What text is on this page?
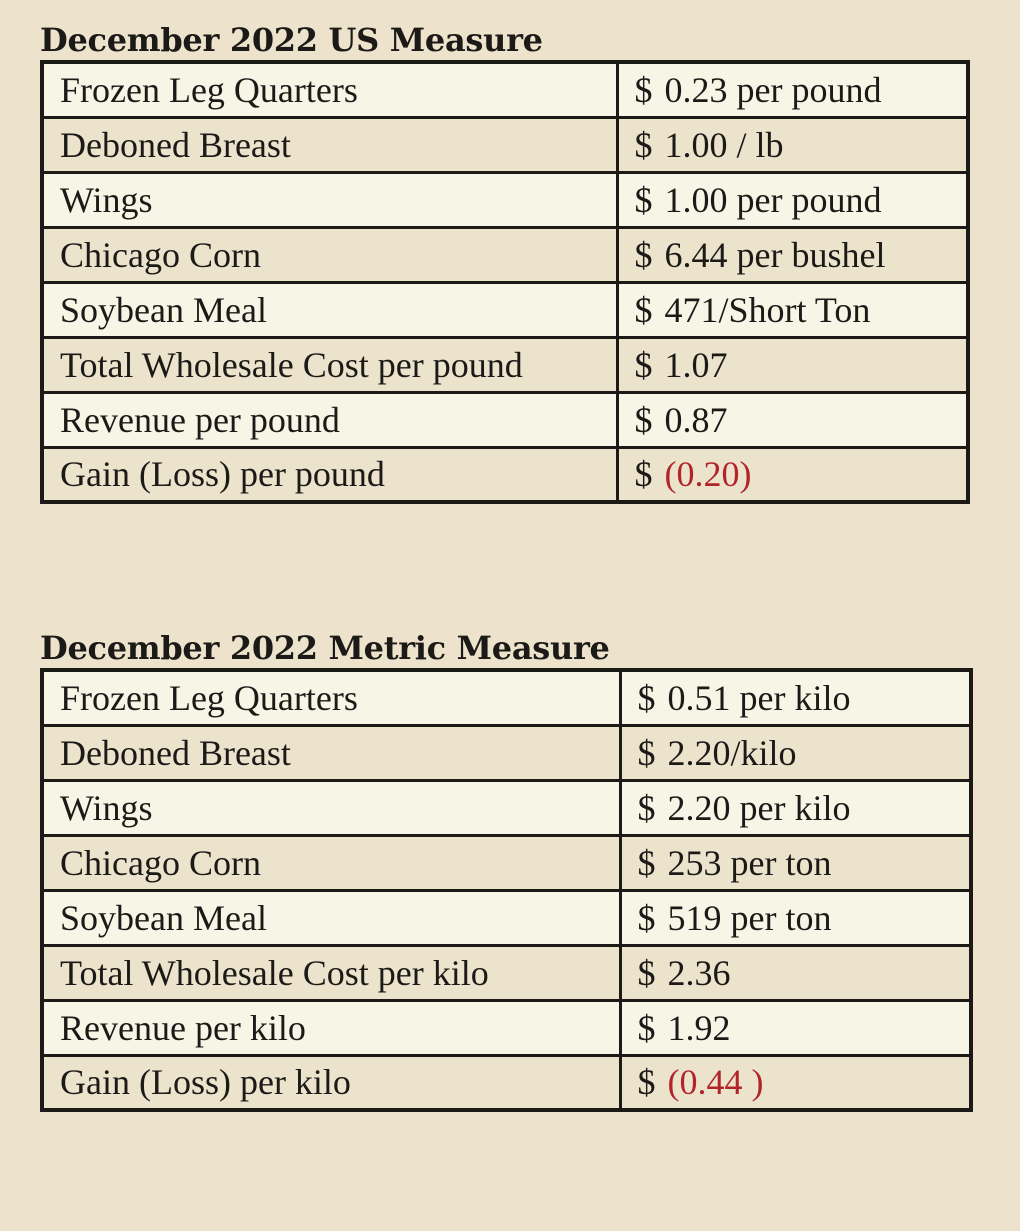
December 2022 US Measure
Frozen Leg Quarters	$ 0.23 per pound
Deboned Breast	$ 1.00 / lb
Wings	$ 1.00 per pound
Chicago Corn	$ 6.44 per bushel
Soybean Meal	$ 471/Short Ton
Total Wholesale Cost per pound	$ 1.07
Revenue per pound	$ 0.87
Gain (Loss) per pound	$ (0.20)
December 2022 Metric Measure
Frozen Leg Quarters	$ 0.51 per kilo
Deboned Breast	$ 2.20/kilo
Wings	$ 2.20 per kilo
Chicago Corn	$ 253 per ton
Soybean Meal	$ 519 per ton
Total Wholesale Cost per kilo	$ 2.36
Revenue per kilo	$ 1.92
Gain (Loss) per kilo	$ (0.44 )
